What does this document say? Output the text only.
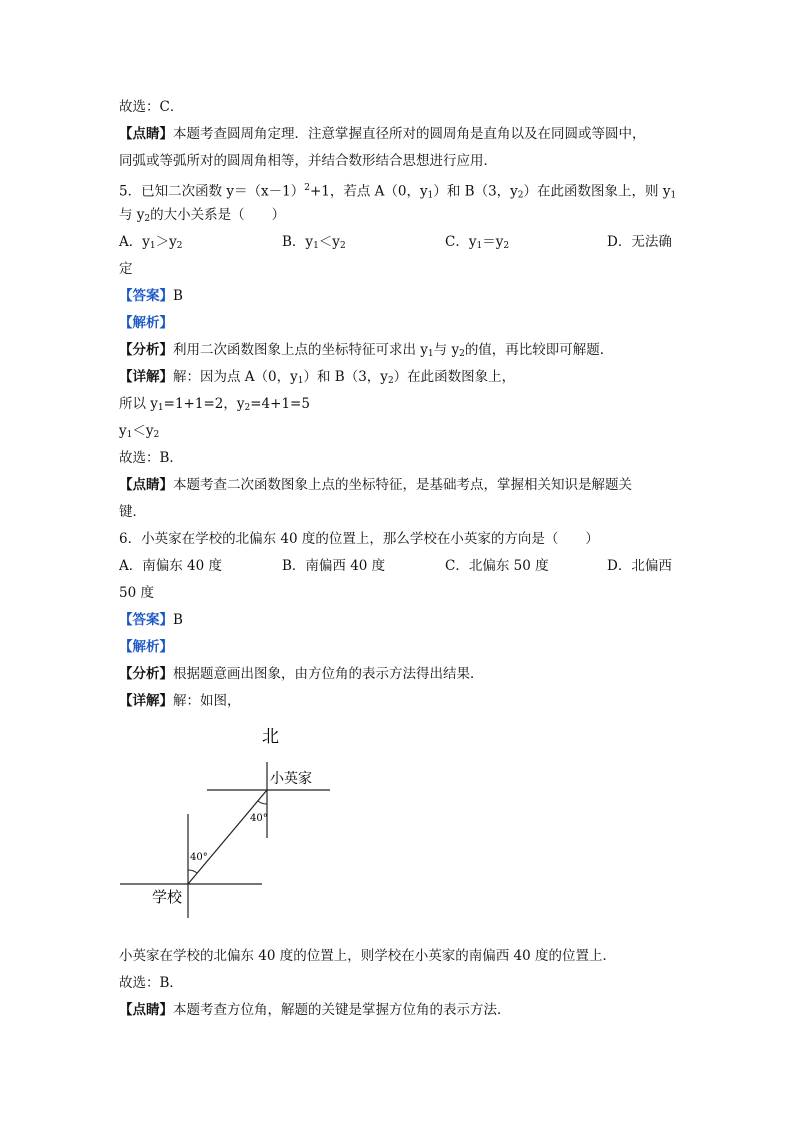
故选：C．
【点睛】本题考查圆周角定理．注意掌握直径所对的圆周角是直角以及在同圆或等圆中，
同弧或等弧所对的圆周角相等，并结合数形结合思想进行应用．
5．已知二次函数 $y=(x-1)^2+1$，若点 A（0，$y_1$）和 B（3，$y_2$）在此函数图象上，则 $y_1$
与 $y_2$的大小关系是（　　）
A．$y_1>y_2$	B．$y_1<y_2$	C．$y_1=y_2$	D．无法确
定
【答案】B
【解析】
【分析】利用二次函数图象上点的坐标特征可求出 $y_1$与 $y_2$的值，再比较即可解题．
【详解】解：因为点 A（0，$y_1$）和 B（3，$y_2$）在此函数图象上，
所以 $y_1=1+1=2$，$y_2=4+1=5$
$y_1<y_2$
故选：B．
【点睛】本题考查二次函数图象上点的坐标特征，是基础考点，掌握相关知识是解题关
键．
6．小英家在学校的北偏东 40 度的位置上，那么学校在小英家的方向是（　　）
A．南偏东 40 度	B．南偏西 40 度	C．北偏东 50 度	D．北偏西
50 度
【答案】B
【解析】
【分析】根据题意画出图象，由方位角的表示方法得出结果．
【详解】解：如图，
北
小英家
学校
40°
40°
小英家在学校的北偏东 40 度的位置上，则学校在小英家的南偏西 40 度的位置上．
故选：B．
【点睛】本题考查方位角，解题的关键是掌握方位角的表示方法．
